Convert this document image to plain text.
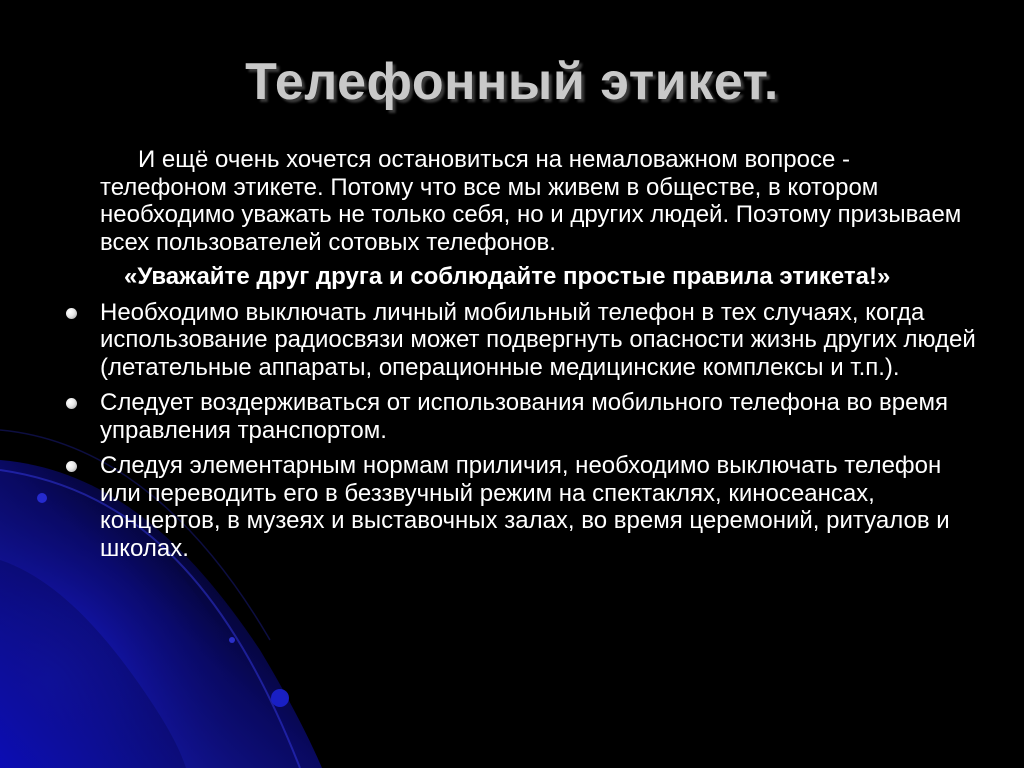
Телефонный этикет.

И ещё очень хочется остановиться на немаловажном вопросе - телефоном этикете. Потому что все мы живем в обществе, в котором необходимо уважать не только себя, но и других людей. Поэтому призываем всех пользователей сотовых телефонов.

«Уважайте друг друга и соблюдайте простые правила этикета!»

Необходимо выключать личный мобильный телефон в тех случаях, когда использование радиосвязи может подвергнуть опасности жизнь других людей (летательные аппараты, операционные медицинские комплексы и т.п.).
Следует воздерживаться от использования мобильного телефона во время управления транспортом.
Следуя элементарным нормам приличия, необходимо выключать телефон или переводить его в беззвучный режим на спектаклях, киносеансах, концертов, в музеях и выставочных залах, во время церемоний, ритуалов и школах.
